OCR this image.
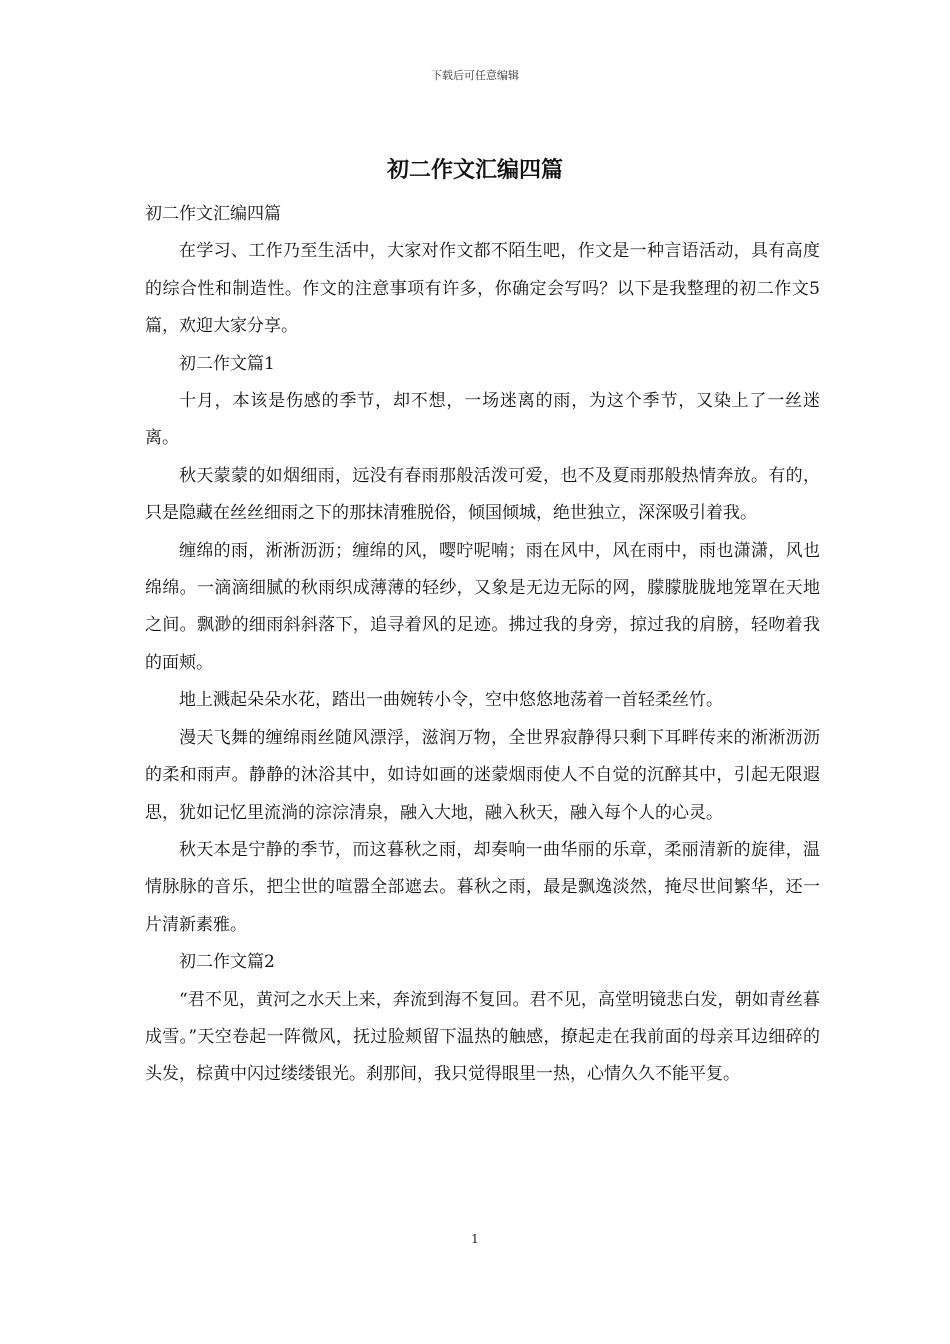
下载后可任意编辑
初二作文汇编四篇

初二作文汇编四篇

在学习、工作乃至生活中，大家对作文都不陌生吧，作文是一种言语活动，具有高度的综合性和制造性。作文的注意事项有许多，你确定会写吗？以下是我整理的初二作文5篇，欢迎大家分享。

初二作文篇1

十月，本该是伤感的季节，却不想，一场迷离的雨，为这个季节，又染上了一丝迷离。

秋天蒙蒙的如烟细雨，远没有春雨那般活泼可爱，也不及夏雨那般热情奔放。有的，只是隐藏在丝丝细雨之下的那抹清雅脱俗，倾国倾城，绝世独立，深深吸引着我。

缠绵的雨，淅淅沥沥；缠绵的风，嘤咛呢喃；雨在风中，风在雨中，雨也潇潇，风也绵绵。一滴滴细腻的秋雨织成薄薄的轻纱，又象是无边无际的网，朦朦胧胧地笼罩在天地之间。飘渺的细雨斜斜落下，追寻着风的足迹。拂过我的身旁，掠过我的肩膀，轻吻着我的面颊。

地上溅起朵朵水花，踏出一曲婉转小令，空中悠悠地荡着一首轻柔丝竹。

漫天飞舞的缠绵雨丝随风漂浮，滋润万物，全世界寂静得只剩下耳畔传来的淅淅沥沥的柔和雨声。静静的沐浴其中，如诗如画的迷蒙烟雨使人不自觉的沉醉其中，引起无限遐思，犹如记忆里流淌的淙淙清泉，融入大地，融入秋天，融入每个人的心灵。

秋天本是宁静的季节，而这暮秋之雨，却奏响一曲华丽的乐章，柔丽清新的旋律，温情脉脉的音乐，把尘世的喧嚣全部遮去。暮秋之雨，最是飘逸淡然，掩尽世间繁华，还一片清新素雅。

初二作文篇2

“君不见，黄河之水天上来，奔流到海不复回。君不见，高堂明镜悲白发，朝如青丝暮成雪。”天空卷起一阵微风，抚过脸颊留下温热的触感，撩起走在我前面的母亲耳边细碎的头发，棕黄中闪过缕缕银光。刹那间，我只觉得眼里一热，心情久久不能平复。

1
